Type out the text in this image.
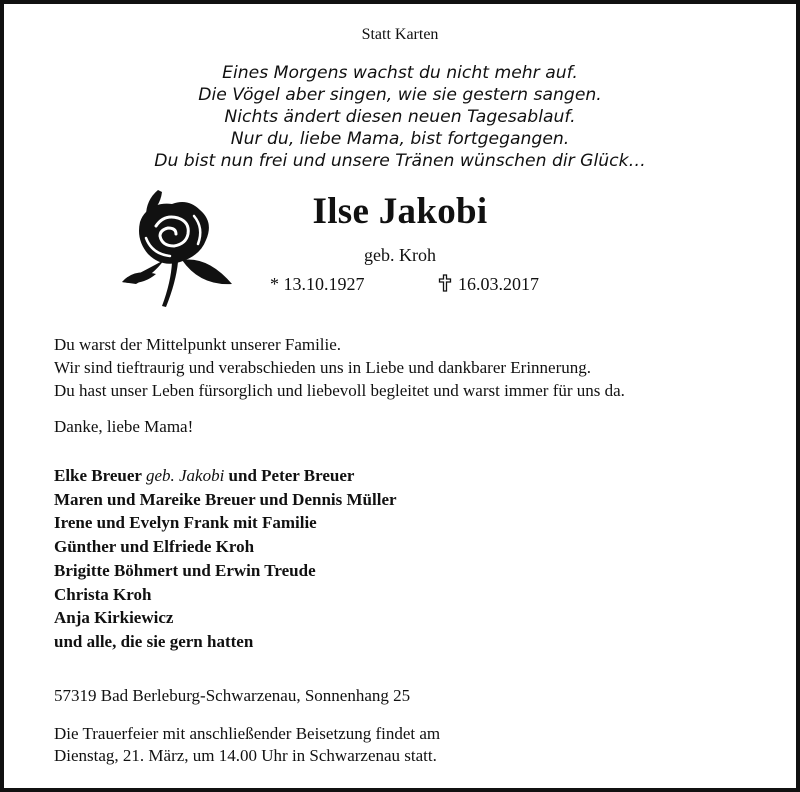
Statt Karten
Eines Morgens wachst du nicht mehr auf.
Die Vögel aber singen, wie sie gestern sangen.
Nichts ändert diesen neuen Tagesablauf.
Nur du, liebe Mama, bist fortgegangen.
Du bist nun frei und unsere Tränen wünschen dir Glück…
Ilse Jakobi
geb. Kroh
* 13.10.1927	16.03.2017
Du warst der Mittelpunkt unserer Familie.
Wir sind tieftraurig und verabschieden uns in Liebe und dankbarer Erinnerung.
Du hast unser Leben fürsorglich und liebevoll begleitet und warst immer für uns da.
Danke, liebe Mama!
Elke Breuer geb. Jakobi und Peter Breuer
Maren und Mareike Breuer und Dennis Müller
Irene und Evelyn Frank mit Familie
Günther und Elfriede Kroh
Brigitte Böhmert und Erwin Treude
Christa Kroh
Anja Kirkiewicz
und alle, die sie gern hatten
57319 Bad Berleburg-Schwarzenau, Sonnenhang 25
Die Trauerfeier mit anschließender Beisetzung findet am
Dienstag, 21. März, um 14.00 Uhr in Schwarzenau statt.
